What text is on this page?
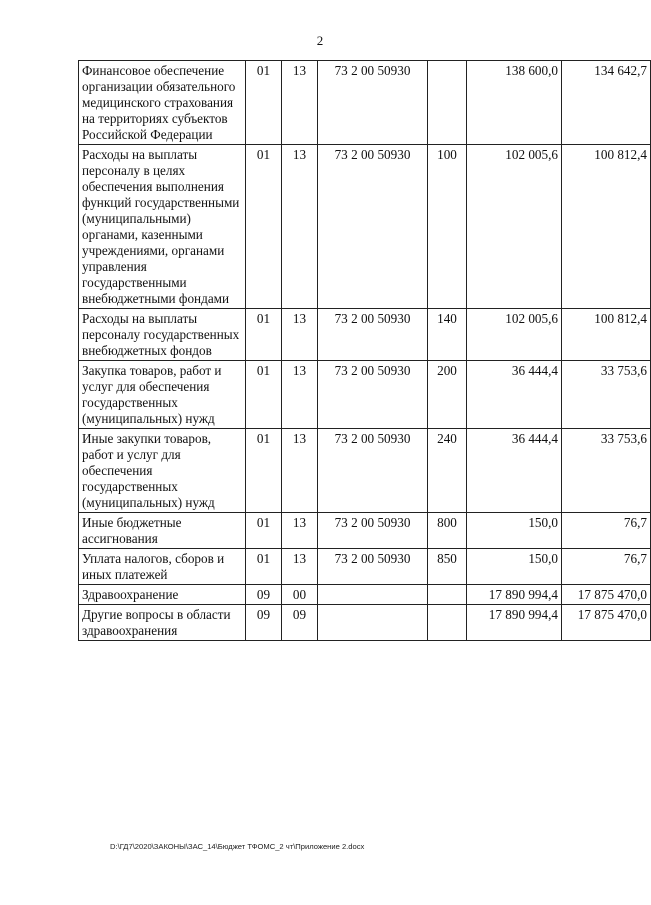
2
Финансовое обеспечение организации обязательного медицинского страхования на территориях субъектов Российской Федерации	01	13	73 2 00 50930		138 600,0	134 642,7
Расходы на выплаты персоналу в целях обеспечения выполнения функций государственными (муниципальными) органами, казенными учреждениями, органами управления государственными внебюджетными фондами	01	13	73 2 00 50930	100	102 005,6	100 812,4
Расходы на выплаты персоналу государственных внебюджетных фондов	01	13	73 2 00 50930	140	102 005,6	100 812,4
Закупка товаров, работ и услуг для обеспечения государственных (муниципальных) нужд	01	13	73 2 00 50930	200	36 444,4	33 753,6
Иные закупки товаров, работ и услуг для обеспечения государственных (муниципальных) нужд	01	13	73 2 00 50930	240	36 444,4	33 753,6
Иные бюджетные ассигнования	01	13	73 2 00 50930	800	150,0	76,7
Уплата налогов, сборов и иных платежей	01	13	73 2 00 50930	850	150,0	76,7
Здравоохранение	09	00			17 890 994,4	17 875 470,0
Другие вопросы в области здравоохранения	09	09			17 890 994,4	17 875 470,0
D:\ГД7\2020\ЗАКОНЫ\ЗАС_14\Бюджет ТФОМС_2 чт\Приложение 2.docx
